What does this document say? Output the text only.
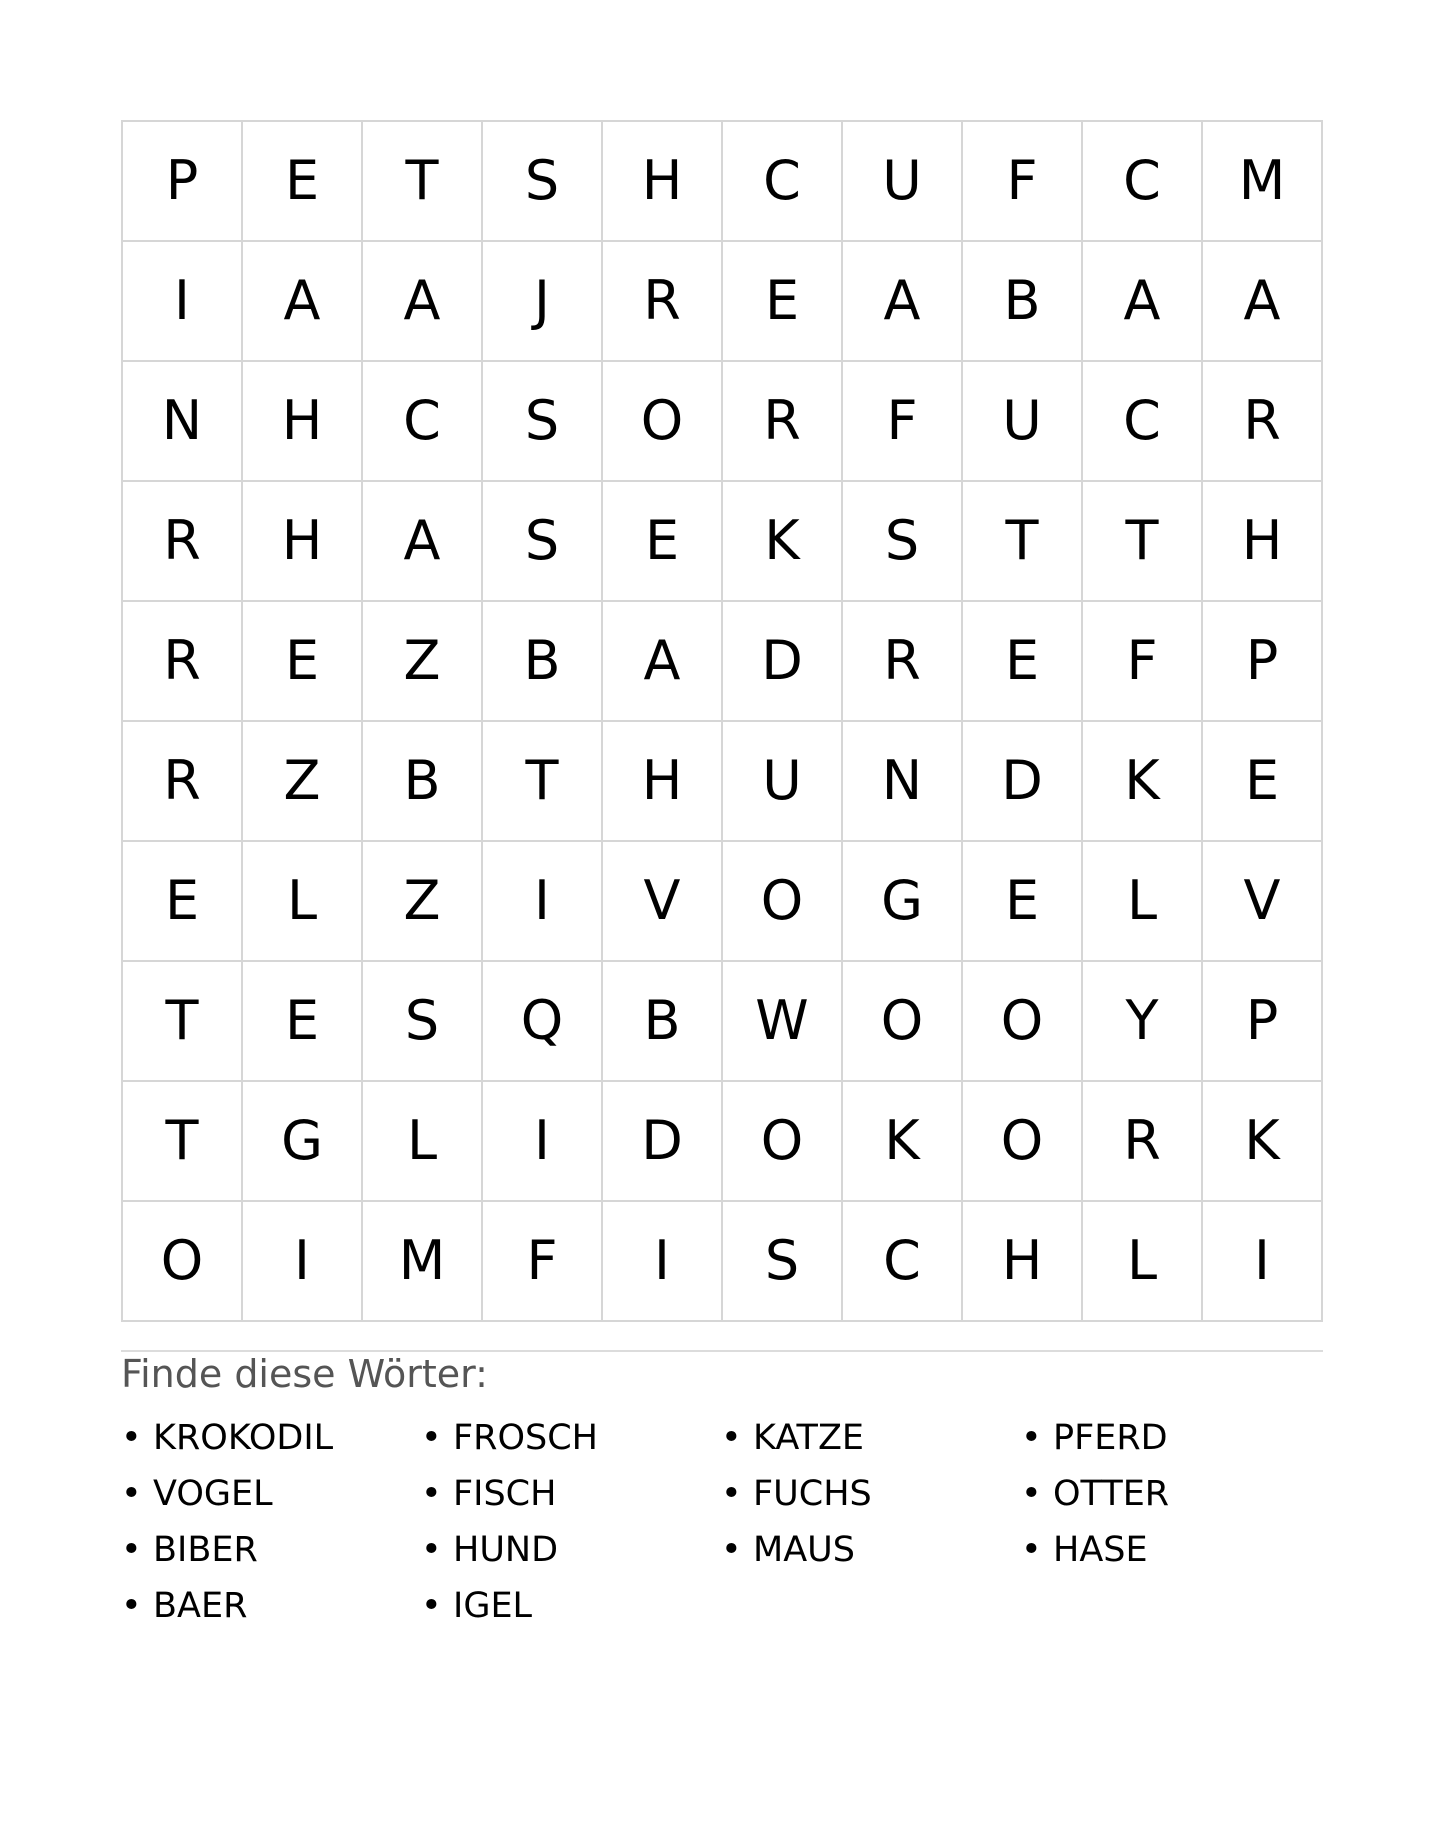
P	E	T	S	H	C	U	F	C	M
I	A	A	J	R	E	A	B	A	A
N	H	C	S	O	R	F	U	C	R
R	H	A	S	E	K	S	T	T	H
R	E	Z	B	A	D	R	E	F	P
R	Z	B	T	H	U	N	D	K	E
E	L	Z	I	V	O	G	E	L	V
T	E	S	Q	B	W	O	O	Y	P
T	G	L	I	D	O	K	O	R	K
O	I	M	F	I	S	C	H	L	I
Finde diese Wörter:
• KROKODIL	• FROSCH	• KATZE	• PFERD
• VOGEL	• FISCH	• FUCHS	• OTTER
• BIBER	• HUND	• MAUS	• HASE
• BAER	• IGEL
